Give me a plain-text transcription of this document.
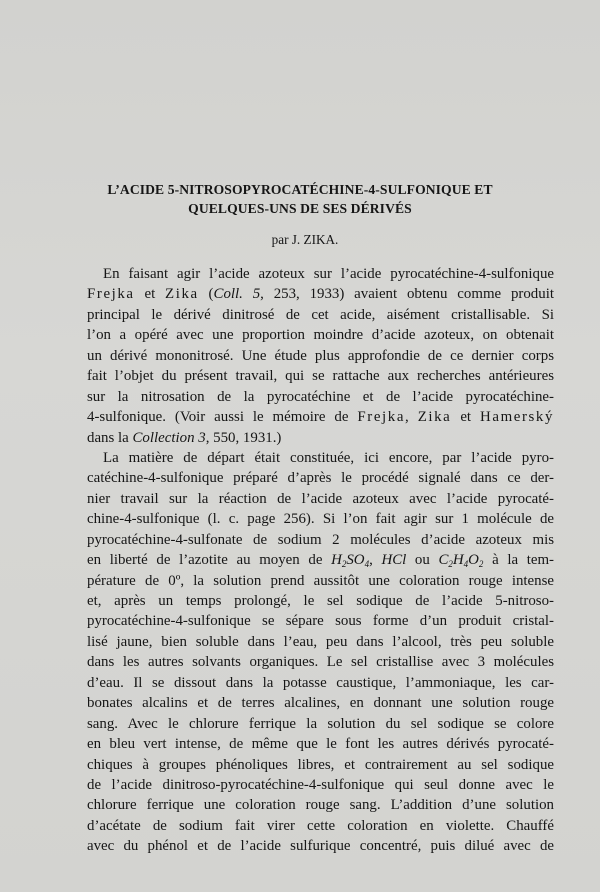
L’ACIDE 5-NITROSOPYROCATÉCHINE-4-SULFONIQUE ET
QUELQUES-UNS DE SES DÉRIVÉS
par J. ZIKA.
En faisant agir l’acide azoteux sur l’acide pyrocatéchine-4-sulfonique
Frejka et Zika (Coll. 5, 253, 1933) avaient obtenu comme produit
principal le dérivé dinitrosé de cet acide, aisément cristallisable. Si
l’on a opéré avec une proportion moindre d’acide azoteux, on obtenait
un dérivé mononitrosé. Une étude plus approfondie de ce dernier corps
fait l’objet du présent travail, qui se rattache aux recherches antérieures
sur la nitrosation de la pyrocatéchine et de l’acide pyrocatéchine-
4-sulfonique. (Voir aussi le mémoire de Frejka, Zika et Hamerský
dans la Collection 3, 550, 1931.)
La matière de départ était constituée, ici encore, par l’acide pyro-
catéchine-4-sulfonique préparé d’après le procédé signalé dans ce der-
nier travail sur la réaction de l’acide azoteux avec l’acide pyrocaté-
chine-4-sulfonique (l. c. page 256). Si l’on fait agir sur 1 molécule de
pyrocatéchine-4-sulfonate de sodium 2 molécules d’acide azoteux mis
en liberté de l’azotite au moyen de $H_2SO_4$, HCl ou $C_2H_4O_2$ à la tem-
pérature de 0º, la solution prend aussitôt une coloration rouge intense
et, après un temps prolongé, le sel sodique de l’acide 5-nitroso-
pyrocatéchine-4-sulfonique se sépare sous forme d’un produit cristal-
lisé jaune, bien soluble dans l’eau, peu dans l’alcool, très peu soluble
dans les autres solvants organiques. Le sel cristallise avec 3 molécules
d’eau. Il se dissout dans la potasse caustique, l’ammoniaque, les car-
bonates alcalins et de terres alcalines, en donnant une solution rouge
sang. Avec le chlorure ferrique la solution du sel sodique se colore
en bleu vert intense, de même que le font les autres dérivés pyrocaté-
chiques à groupes phénoliques libres, et contrairement au sel sodique
de l’acide dinitroso-pyrocatéchine-4-sulfonique qui seul donne avec le
chlorure ferrique une coloration rouge sang. L’addition d’une solution
d’acétate de sodium fait virer cette coloration en violette. Chauffé
avec du phénol et de l’acide sulfurique concentré, puis dilué avec de
